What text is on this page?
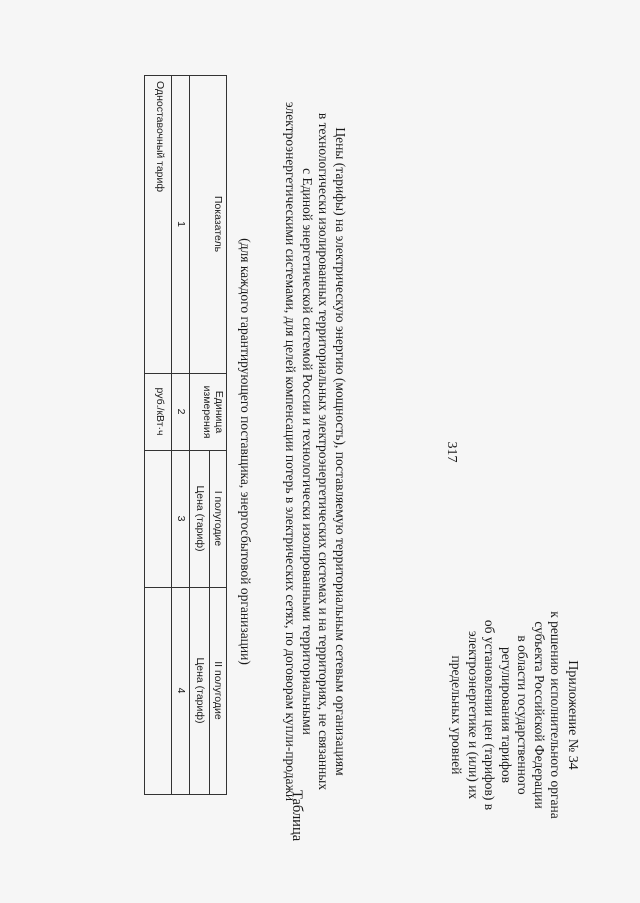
317
Приложение № 34
к решению исполнительного органа
субъекта Российской Федерации
в области государственного
регулирования тарифов
об установлении цен (тарифов) в
электроэнергетике и (или) их
предельных уровней
Таблица
Цены (тарифы) на электрическую энергию (мощность), поставляемую территориальным сетевым организациям
в технологически изолированных территориальных электроэнергетических системах и на территориях, не связанных
с Единой энергетической системой России и технологически изолированными территориальными
электроэнергетическими системами, для целей компенсации потерь в электрических сетях, по договорам купли-продажи
(для каждого гарантирующего поставщика, энергосбытовой организации)
Показатель
Единица измерения
I полугодие
II полугодие
Цена (тариф)
Цена (тариф)
1
2
3
4
Одноставочный тариф
руб./кВт·ч
